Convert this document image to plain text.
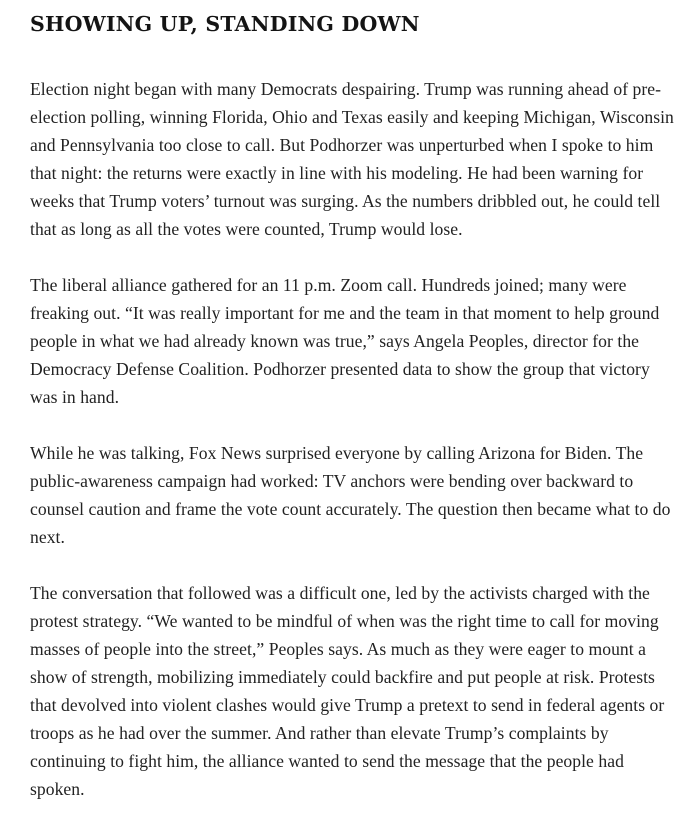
SHOWING UP, STANDING DOWN

Election night began with many Democrats despairing. Trump was running ahead of pre-election polling, winning Florida, Ohio and Texas easily and keeping Michigan, Wisconsin and Pennsylvania too close to call. But Podhorzer was unperturbed when I spoke to him that night: the returns were exactly in line with his modeling. He had been warning for weeks that Trump voters’ turnout was surging. As the numbers dribbled out, he could tell that as long as all the votes were counted, Trump would lose.

The liberal alliance gathered for an 11 p.m. Zoom call. Hundreds joined; many were freaking out. “It was really important for me and the team in that moment to help ground people in what we had already known was true,” says Angela Peoples, director for the Democracy Defense Coalition. Podhorzer presented data to show the group that victory was in hand.

While he was talking, Fox News surprised everyone by calling Arizona for Biden. The public-awareness campaign had worked: TV anchors were bending over backward to counsel caution and frame the vote count accurately. The question then became what to do next.

The conversation that followed was a difficult one, led by the activists charged with the protest strategy. “We wanted to be mindful of when was the right time to call for moving masses of people into the street,” Peoples says. As much as they were eager to mount a show of strength, mobilizing immediately could backfire and put people at risk. Protests that devolved into violent clashes would give Trump a pretext to send in federal agents or troops as he had over the summer. And rather than elevate Trump’s complaints by continuing to fight him, the alliance wanted to send the message that the people had spoken.
